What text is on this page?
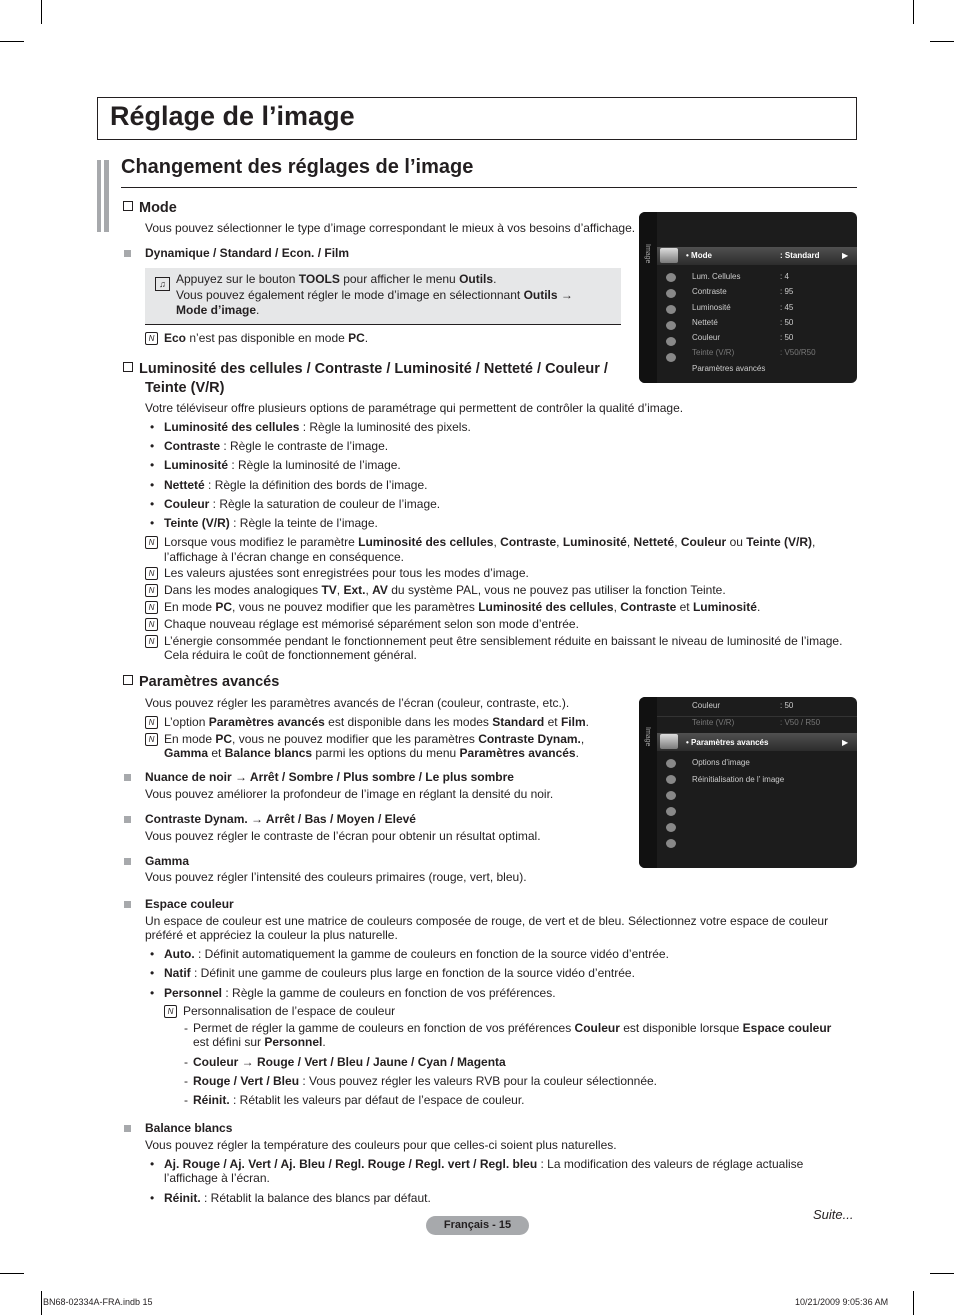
Réglage de l’image
Changement des réglages de l’image
Mode
Vous pouvez sélectionner le type d’image correspondant le mieux à vos besoins d’affichage.
Dynamique / Standard / Econ. / Film
♫ Appuyez sur le bouton TOOLS pour afficher le menu Outils.
Vous pouvez également régler le mode d’image en sélectionnant Outils →
Mode d’image.
N Eco n’est pas disponible en mode PC.
Image	• Mode	: Standard	▶
Lum. Cellules	: 4
Contraste	: 95
Luminosité	: 45
Netteté	: 50
Couleur	: 50
Teinte (V/R)	: V50/R50
Paramètres avancés
Luminosité des cellules / Contraste / Luminosité / Netteté / Couleur /
Teinte (V/R)
Votre téléviseur offre plusieurs options de paramétrage qui permettent de contrôler la qualité d’image.
• Luminosité des cellules : Règle la luminosité des pixels.
• Contraste : Règle le contraste de l’image.
• Luminosité : Règle la luminosité de l’image.
• Netteté : Règle la définition des bords de l’image.
• Couleur : Règle la saturation de couleur de l’image.
• Teinte (V/R) : Règle la teinte de l’image.
N Lorsque vous modifiez le paramètre Luminosité des cellules, Contraste, Luminosité, Netteté, Couleur ou Teinte (V/R),
l’affichage à l’écran change en conséquence.
N Les valeurs ajustées sont enregistrées pour tous les modes d’image.
N Dans les modes analogiques TV, Ext., AV du système PAL, vous ne pouvez pas utiliser la fonction Teinte.
N En mode PC, vous ne pouvez modifier que les paramètres Luminosité des cellules, Contraste et Luminosité.
N Chaque nouveau réglage est mémorisé séparément selon son mode d’entrée.
N L’énergie consommée pendant le fonctionnement peut être sensiblement réduite en baissant le niveau de luminosité de l’image.
Cela réduira le coût de fonctionnement général.
Paramètres avancés
Vous pouvez régler les paramètres avancés de l’écran (couleur, contraste, etc.).
N L’option Paramètres avancés est disponible dans les modes Standard et Film.
N En mode PC, vous ne pouvez modifier que les paramètres Contraste Dynam.,
Gamma et Balance blancs parmi les options du menu Paramètres avancés.
Nuance de noir → Arrêt / Sombre / Plus sombre / Le plus sombre
Vous pouvez améliorer la profondeur de l’image en réglant la densité du noir.
Contraste Dynam. → Arrêt / Bas / Moyen / Elevé
Vous pouvez régler le contraste de l’écran pour obtenir un résultat optimal.
Gamma
Vous pouvez régler l’intensité des couleurs primaires (rouge, vert, bleu).
Image
Couleur	: 50
Teinte (V/R)	: V50 / R50
• Paramètres avancés	▶
Options d’image
Réinitialisation de l’ image
Espace couleur
Un espace de couleur est une matrice de couleurs composée de rouge, de vert et de bleu. Sélectionnez votre espace de couleur
préféré et appréciez la couleur la plus naturelle.
• Auto. : Définit automatiquement la gamme de couleurs en fonction de la source vidéo d’entrée.
• Natif : Définit une gamme de couleurs plus large en fonction de la source vidéo d’entrée.
• Personnel : Règle la gamme de couleurs en fonction de vos préférences.
N Personnalisation de l’espace de couleur
- Permet de régler la gamme de couleurs en fonction de vos préférences Couleur est disponible lorsque Espace couleur
est défini sur Personnel.
- Couleur → Rouge / Vert / Bleu / Jaune / Cyan / Magenta
- Rouge / Vert / Bleu : Vous pouvez régler les valeurs RVB pour la couleur sélectionnée.
- Réinit. : Rétablit les valeurs par défaut de l’espace de couleur.
Balance blancs
Vous pouvez régler la température des couleurs pour que celles-ci soient plus naturelles.
• Aj. Rouge / Aj. Vert / Aj. Bleu / Regl. Rouge / Regl. vert / Regl. bleu : La modification des valeurs de réglage actualise
l’affichage à l’écran.
• Réinit. : Rétablit la balance des blancs par défaut.
Suite...
Français - 15
BN68-02334A-FRA.indb 15	10/21/2009 9:05:36 AM
